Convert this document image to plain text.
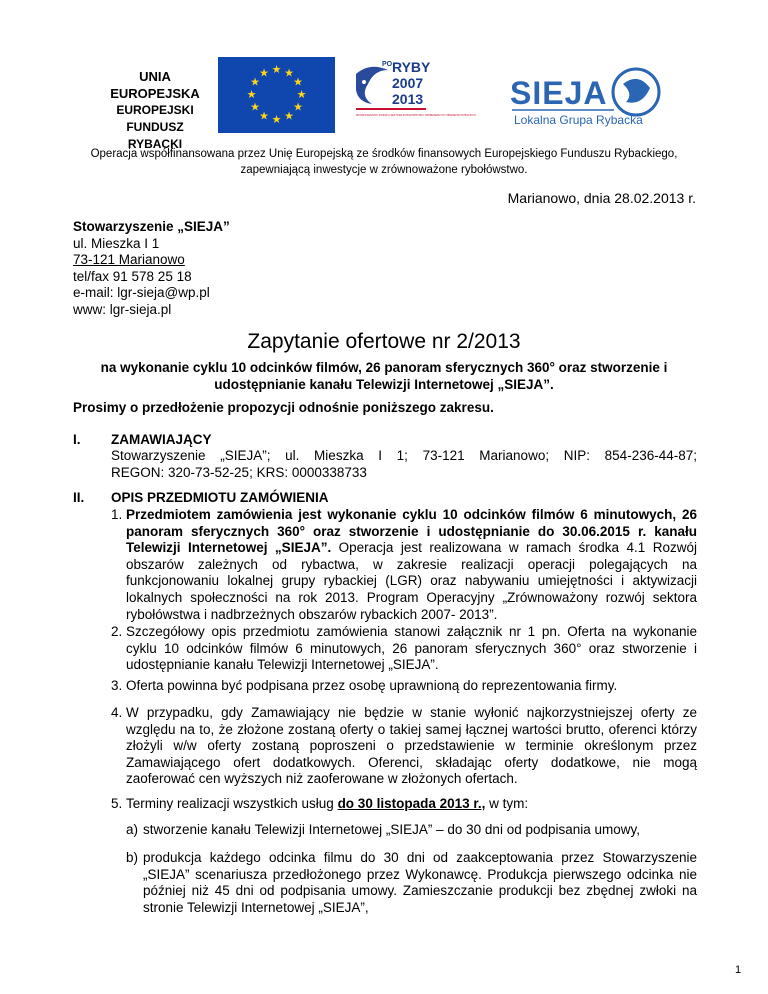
UNIA EUROPEJSKA
EUROPEJSKI FUNDUSZ
RYBACKI
★ ★
★
★
★
★
★
★
★
★
★
★
PO RYBY
2007
2013
ZRÓWNOWAŻONY ROZWÓJ SEKTORA RYBOŁÓWSTWA I NADBRZEŻNYCH OBSZARÓW RYBACKICH
SIEJA
Lokalna Grupa Rybacka
Operacja współfinansowana przez Unię Europejską ze środków finansowych Europejskiego Funduszu Rybackiego,
zapewniającą inwestycje w zrównoważone rybołówstwo.
Marianowo, dnia 28.02.2013 r.
Stowarzyszenie „SIEJA”
ul. Mieszka I 1
73-121 Marianowo
tel/fax 91 578 25 18
e-mail: lgr-sieja@wp.pl
www: lgr-sieja.pl
Zapytanie ofertowe nr 2/2013
na wykonanie cyklu 10 odcinków filmów, 26 panoram sferycznych 360° oraz stworzenie i
udostępnianie kanału Telewizji Internetowej „SIEJA”.
Prosimy o przedłożenie propozycji odnośnie poniższego zakresu.
I. ZAMAWIAJĄCY
Stowarzyszenie „SIEJA”; ul. Mieszka I 1; 73-121 Marianowo; NIP: 854-236-44-87;
REGON: 320-73-52-25; KRS: 0000338733
II. OPIS PRZEDMIOTU ZAMÓWIENIA
1. Przedmiotem zamówienia jest wykonanie cyklu 10 odcinków filmów 6 minutowych, 26 panoram sferycznych 360° oraz stworzenie i udostępnianie do 30.06.2015 r. kanału Telewizji Internetowej „SIEJA”. Operacja jest realizowana w ramach środka 4.1 Rozwój obszarów zależnych od rybactwa, w zakresie realizacji operacji polegających na funkcjonowaniu lokalnej grupy rybackiej (LGR) oraz nabywaniu umiejętności i aktywizacji lokalnych społeczności na rok 2013. Program Operacyjny „Zrównoważony rozwój sektora rybołówstwa i nadbrzeżnych obszarów rybackich 2007- 2013”.
2. Szczegółowy opis przedmiotu zamówienia stanowi załącznik nr 1 pn. Oferta na wykonanie cyklu 10 odcinków filmów 6 minutowych, 26 panoram sferycznych 360° oraz stworzenie i udostępnianie kanału Telewizji Internetowej „SIEJA”.
3. Oferta powinna być podpisana przez osobę uprawnioną do reprezentowania firmy.
4. W przypadku, gdy Zamawiający nie będzie w stanie wyłonić najkorzystniejszej oferty ze względu na to, że złożone zostaną oferty o takiej samej łącznej wartości brutto, oferenci którzy złożyli w/w oferty zostaną poproszeni o przedstawienie w terminie określonym przez Zamawiającego ofert dodatkowych. Oferenci, składając oferty dodatkowe, nie mogą zaoferować cen wyższych niż zaoferowane w złożonych ofertach.
5. Terminy realizacji wszystkich usług do 30 listopada 2013 r., w tym:
a) stworzenie kanału Telewizji Internetowej „SIEJA” – do 30 dni od podpisania umowy,
b) produkcja każdego odcinka filmu do 30 dni od zaakceptowania przez Stowarzyszenie „SIEJA” scenariusza przedłożonego przez Wykonawcę. Produkcja pierwszego odcinka nie później niż 45 dni od podpisania umowy. Zamieszczanie produkcji bez zbędnej zwłoki na stronie Telewizji Internetowej „SIEJA”,
1
